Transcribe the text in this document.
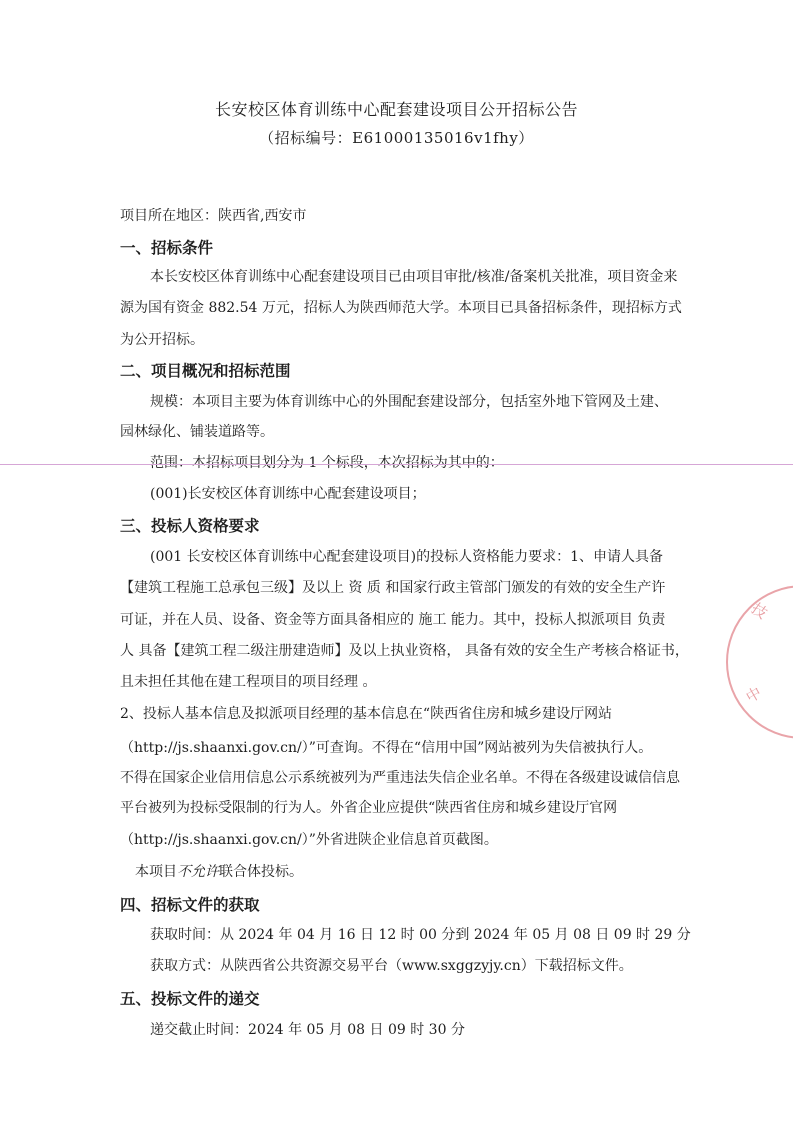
长安校区体育训练中心配套建设项目公开招标公告
（招标编号：E61000135016v1fhy）
项目所在地区：陕西省,西安市
一、招标条件
本长安校区体育训练中心配套建设项目已由项目审批/核准/备案机关批准，项目资金来
源为国有资金 882.54 万元，招标人为陕西师范大学。本项目已具备招标条件，现招标方式
为公开招标。
二、项目概况和招标范围
规模：本项目主要为体育训练中心的外围配套建设部分，包括室外地下管网及土建、
园林绿化、铺装道路等。
范围：本招标项目划分为 1 个标段，本次招标为其中的：
(001)长安校区体育训练中心配套建设项目；
三、投标人资格要求
(001 长安校区体育训练中心配套建设项目)的投标人资格能力要求：1、申请人具备
【建筑工程施工总承包三级】及以上 资 质 和国家行政主管部门颁发的有效的安全生产许
可证，并在人员、设备、资金等方面具备相应的 施工 能力。其中，投标人拟派项目 负责
人 具备【建筑工程二级注册建造师】及以上执业资格， 具备有效的安全生产考核合格证书，
且未担任其他在建工程项目的项目经理 。
2、投标人基本信息及拟派项目经理的基本信息在“陕西省住房和城乡建设厅网站
（http://js.shaanxi.gov.cn/）”可查询。不得在“信用中国”网站被列为失信被执行人。
不得在国家企业信用信息公示系统被列为严重违法失信企业名单。不得在各级建设诚信信息
平台被列为投标受限制的行为人。外省企业应提供“陕西省住房和城乡建设厅官网
（http://js.shaanxi.gov.cn/）”外省进陕企业信息首页截图。
本项目不允许联合体投标。
四、招标文件的获取
获取时间：从 2024 年 04 月 16 日 12 时 00 分到 2024 年 05 月 08 日 09 时 29 分
获取方式：从陕西省公共资源交易平台（www.sxggzyjy.cn）下载招标文件。
五、投标文件的递交
递交截止时间：2024 年 05 月 08 日 09 时 30 分
技
中
